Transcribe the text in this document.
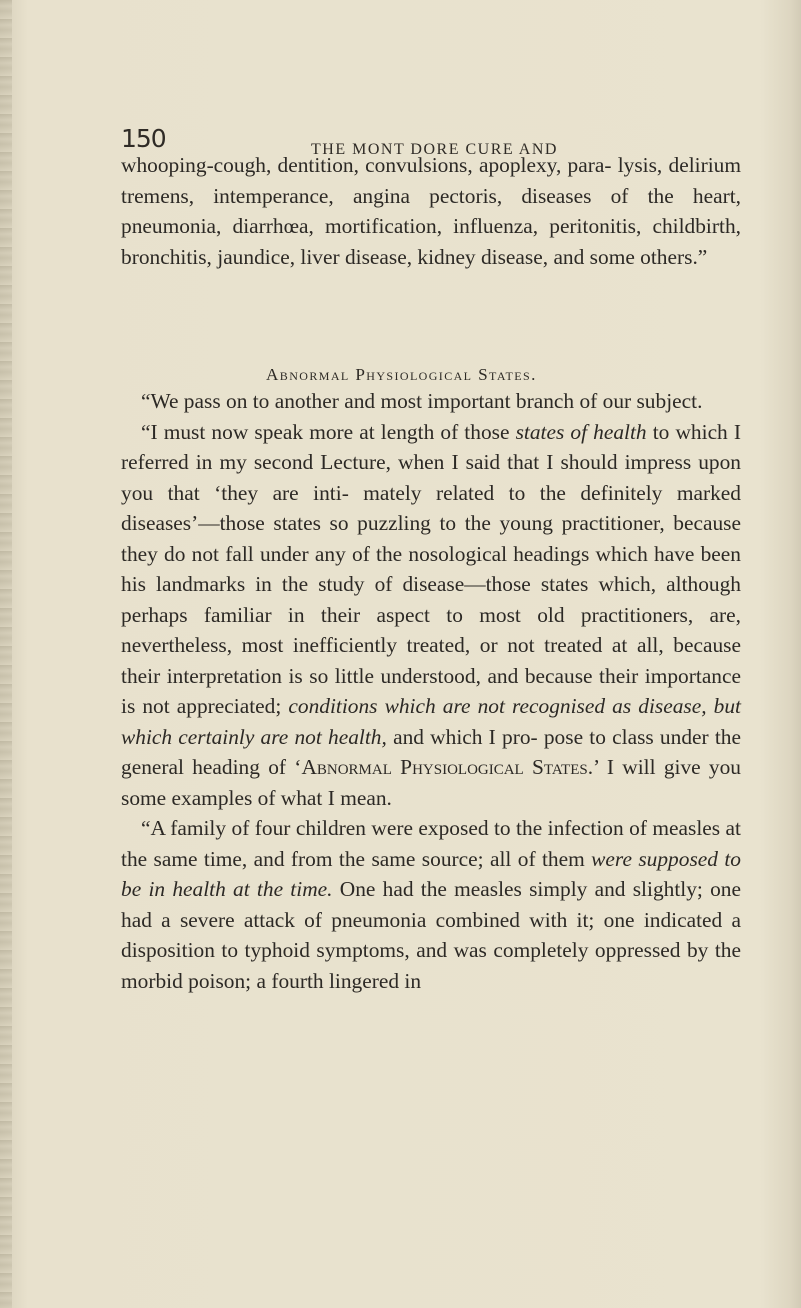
150	THE MONT DORE CURE AND
whooping-cough, dentition, convulsions, apoplexy, para- lysis, delirium tremens, intemperance, angina pectoris, diseases of the heart, pneumonia, diarrhœa, mortification, influenza, peritonitis, childbirth, bronchitis, jaundice, liver disease, kidney disease, and some others.”
Abnormal Physiological States.

“We pass on to another and most important branch of our subject.

“I must now speak more at length of those states of health to which I referred in my second Lecture, when I said that I should impress upon you that ‘they are inti- mately related to the definitely marked diseases’—those states so puzzling to the young practitioner, because they do not fall under any of the nosological headings which have been his landmarks in the study of disease—those states which, although perhaps familiar in their aspect to most old practitioners, are, nevertheless, most inefficiently treated, or not treated at all, because their interpretation is so little understood, and because their importance is not appreciated; conditions which are not recognised as disease, but which certainly are not health, and which I pro- pose to class under the general heading of ‘Abnormal Physiological States.’ I will give you some examples of what I mean.

“A family of four children were exposed to the infection of measles at the same time, and from the same source; all of them were supposed to be in health at the time. One had the measles simply and slightly; one had a severe attack of pneumonia combined with it; one indicated a disposition to typhoid symptoms, and was completely oppressed by the morbid poison; a fourth lingered in
